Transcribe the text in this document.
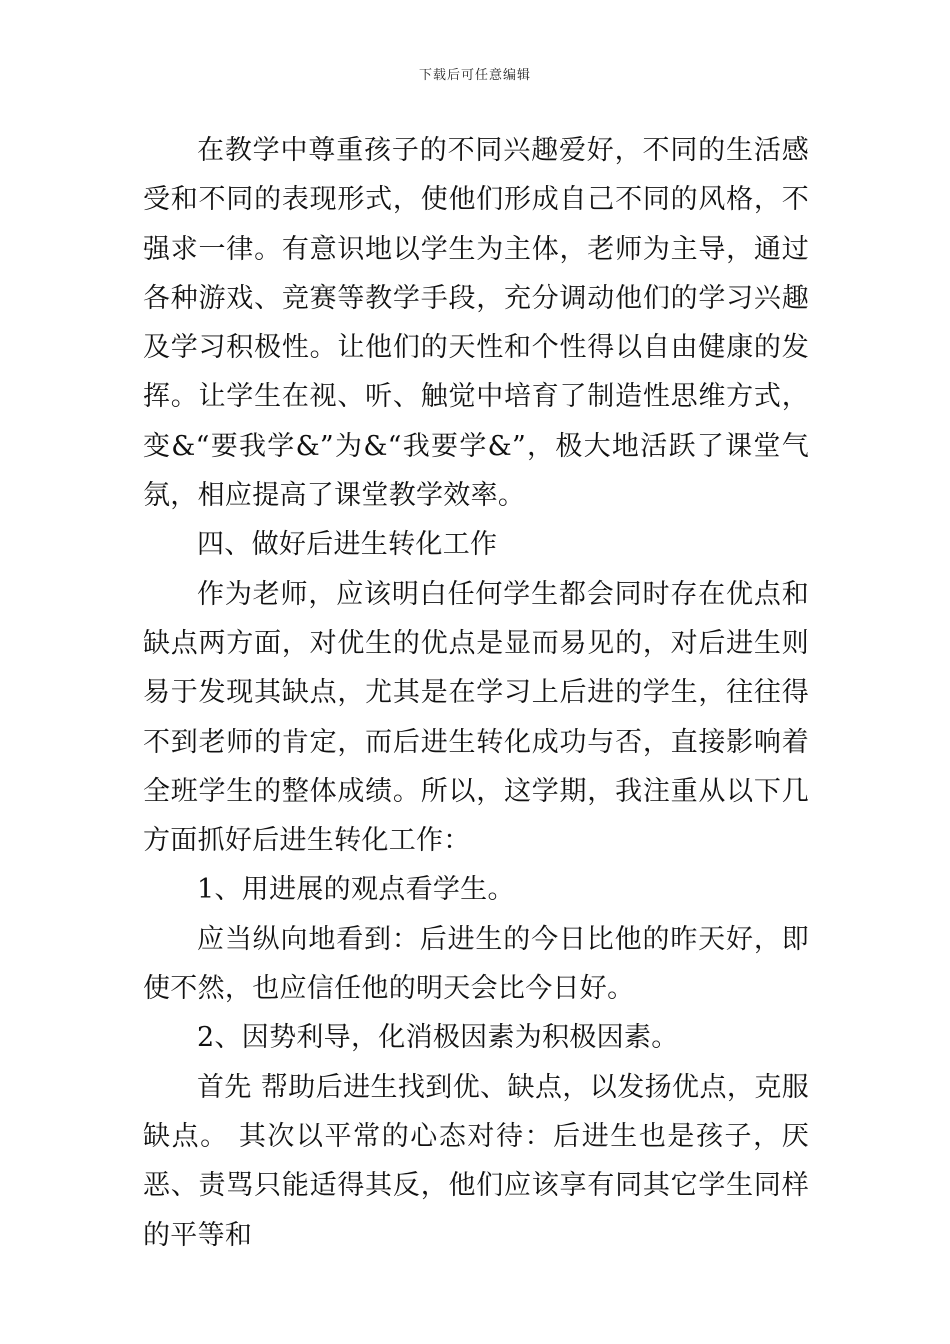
下载后可任意编辑

在教学中尊重孩子的不同兴趣爱好，不同的生活感受和不同的表现形式，使他们形成自己不同的风格，不强求一律。有意识地以学生为主体，老师为主导，通过各种游戏、竞赛等教学手段，充分调动他们的学习兴趣及学习积极性。让他们的天性和个性得以自由健康的发挥。让学生在视、听、触觉中培育了制造性思维方式，变&“要我学&”为&“我要学&”，极大地活跃了课堂气氛，相应提高了课堂教学效率。

四、做好后进生转化工作

作为老师，应该明白任何学生都会同时存在优点和缺点两方面，对优生的优点是显而易见的，对后进生则易于发现其缺点，尤其是在学习上后进的学生，往往得不到老师的肯定，而后进生转化成功与否，直接影响着全班学生的整体成绩。所以，这学期，我注重从以下几方面抓好后进生转化工作：

1、用进展的观点看学生。

应当纵向地看到：后进生的今日比他的昨天好，即使不然，也应信任他的明天会比今日好。

2、因势利导，化消极因素为积极因素。

首先 帮助后进生找到优、缺点，以发扬优点，克服缺点。 其次以平常的心态对待：后进生也是孩子，厌恶、责骂只能适得其反，他们应该享有同其它学生同样的平等和
